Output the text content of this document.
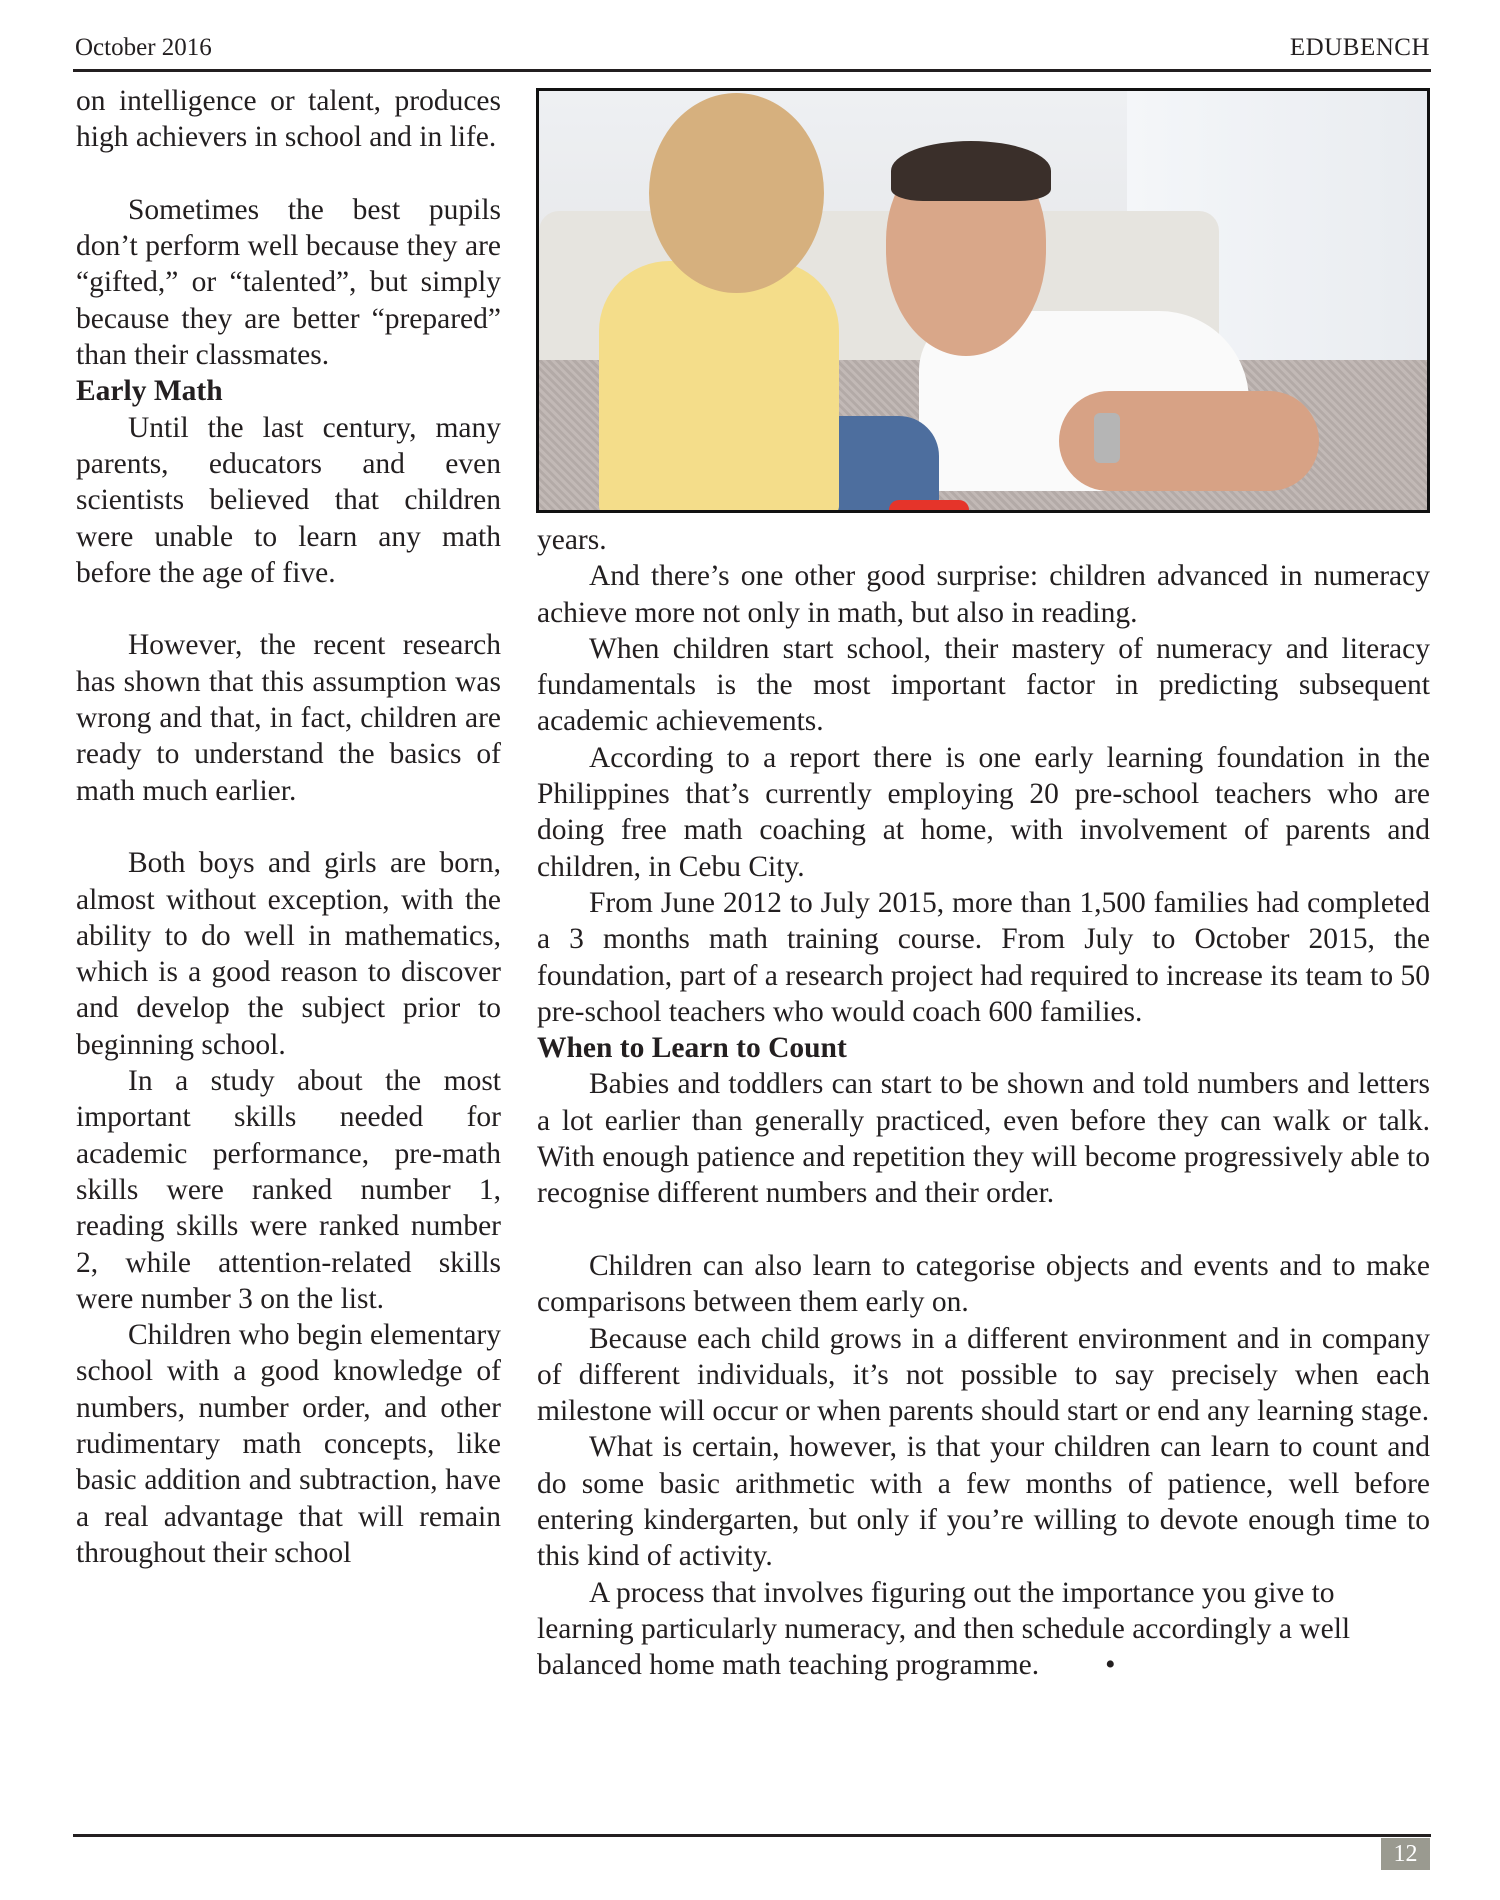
October 2016	EDUBENCH

on intelligence or talent, produces high achievers in school and in life.

Sometimes the best pupils don’t perform well because they are “gifted,” or “talented”, but simply because they are better “prepared” than their classmates.

Early Math

Until the last century, many parents, educators and even scientists believed that children were unable to learn any math before the age of five.

However, the recent research has shown that this assumption was wrong and that, in fact, children are ready to understand the basics of math much earlier.

Both boys and girls are born, almost without exception, with the ability to do well in mathematics, which is a good reason to discover and develop the subject prior to beginning school.

In a study about the most important skills needed for academic performance, pre-math skills were ranked number 1, reading skills were ranked number 2, while attention-related skills were number 3 on the list.

Children who begin elementary school with a good knowledge of numbers, number order, and other rudimentary math concepts, like basic addition and subtraction, have a real advantage that will remain throughout their school

years.

And there’s one other good surprise: children advanced in numeracy achieve more not only in math, but also in reading.

When children start school, their mastery of numeracy and literacy fundamentals is the most important factor in predicting subsequent academic achievements.

According to a report there is one early learning foundation in the Philippines that’s currently employing 20 pre-school teachers who are doing free math coaching at home, with involvement of parents and children, in Cebu City.

From June 2012 to July 2015, more than 1,500 families had completed a 3 months math training course. From July to October 2015, the foundation, part of a research project had required to increase its team to 50 pre-school teachers who would coach 600 families.

When to Learn to Count

Babies and toddlers can start to be shown and told numbers and letters a lot earlier than generally practiced, even before they can walk or talk. With enough patience and repetition they will become progressively able to recognise different numbers and their order.

Children can also learn to categorise objects and events and to make comparisons between them early on.

Because each child grows in a different environment and in company of different individuals, it’s not possible to say precisely when each milestone will occur or when parents should start or end any learning stage.

What is certain, however, is that your children can learn to count and do some basic arithmetic with a few months of patience, well before entering kindergarten, but only if you’re willing to devote enough time to this kind of activity.

A process that involves figuring out the importance you give to learning particularly numeracy, and then schedule accordingly a well balanced home math teaching programme. •

12
